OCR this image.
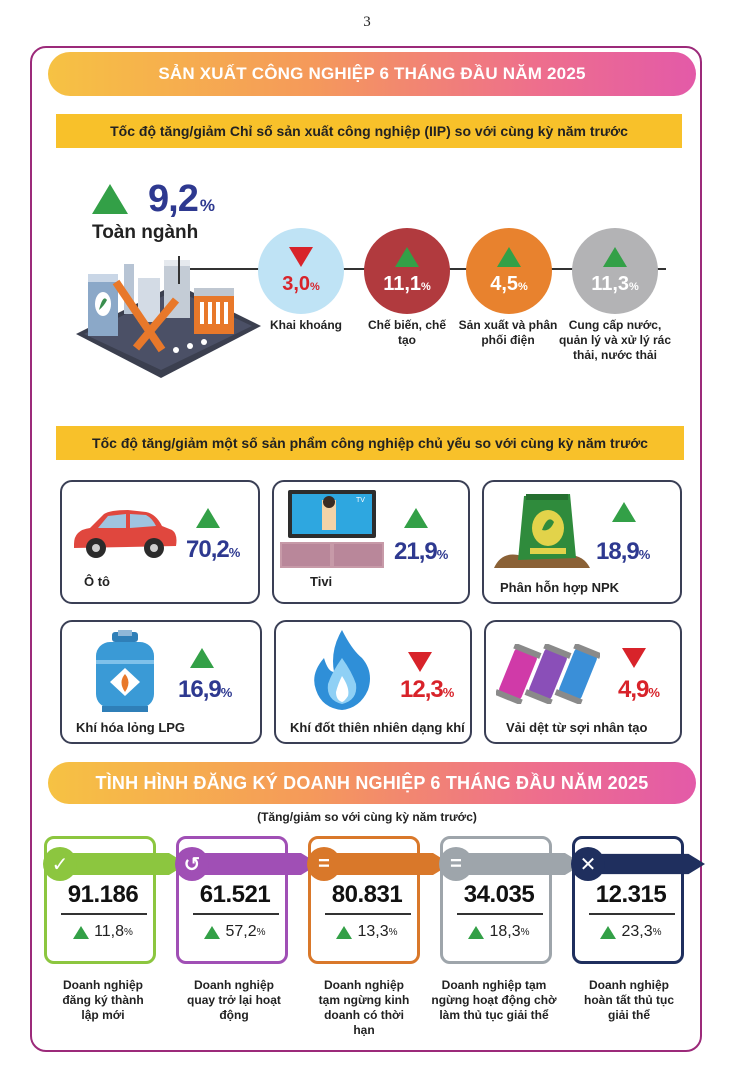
3
SẢN XUẤT CÔNG NGHIỆP 6 THÁNG ĐẦU NĂM 2025
Tốc độ tăng/giảm Chỉ số sản xuất công nghiệp (IIP) so với cùng kỳ năm trước
9,2 %
Toàn ngành
3,0%	11,1%	4,5%	11,3%
Khai khoáng	Chế biến, chế tạo
Sản xuất và phân phối điện
Cung cấp nước, quản lý và xử lý rác thải, nước thải
Tốc độ tăng/giảm một số sản phẩm công nghiệp chủ yếu so với cùng kỳ năm trước
70,2%
Ô tô
TV
21,9%
Tivi
18,9%
Phân hỗn hợp NPK
16,9%
Khí hóa lỏng LPG
12,3%
Khí đốt thiên nhiên dạng khí
4,9%
Vải dệt từ sợi nhân tạo
TÌNH HÌNH ĐĂNG KÝ DOANH NGHIỆP 6 THÁNG ĐẦU NĂM 2025
(Tăng/giảm so với cùng kỳ năm trước)
✓
91.186
11,8 %
↺
61.521
57,2 %
=
80.831
13,3 %
=
34.035
18,3 %
✕
12.315
23,3 %
Doanh nghiệp đăng ký thành lập mới
Doanh nghiệp quay trở lại hoạt động
Doanh nghiệp tạm ngừng kinh doanh có thời hạn
Doanh nghiệp tạm ngừng hoạt động chờ làm thủ tục giải thể
Doanh nghiệp hoàn tất thủ tục giải thể
